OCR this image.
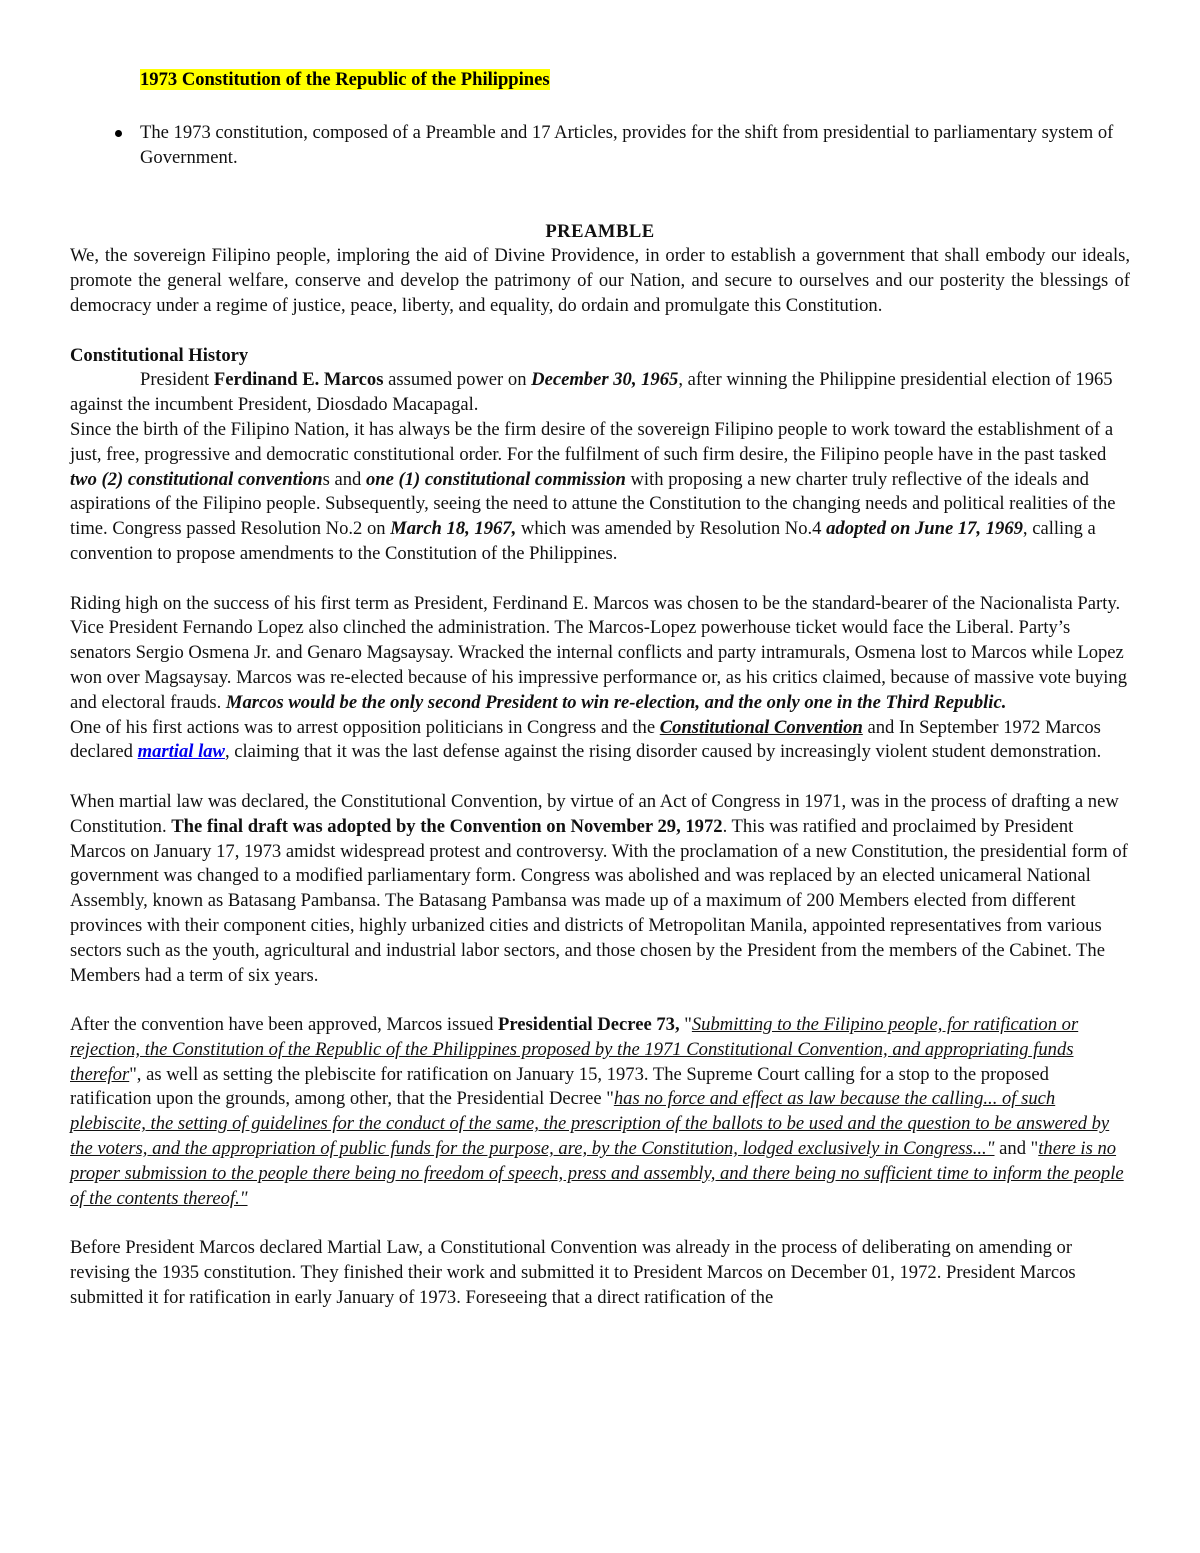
1973 Constitution of the Republic of the Philippines
The 1973 constitution, composed of a Preamble and 17 Articles, provides for the shift from presidential to parliamentary system of Government.
PREAMBLE

We, the sovereign Filipino people, imploring the aid of Divine Providence, in order to establish a government that shall embody our ideals, promote the general welfare, conserve and develop the patrimony of our Nation, and secure to ourselves and our posterity the blessings of democracy under a regime of justice, peace, liberty, and equality, do ordain and promulgate this Constitution.

Constitutional History

President Ferdinand E. Marcos assumed power on December 30, 1965, after winning the Philippine presidential election of 1965 against the incumbent President, Diosdado Macapagal.

Since the birth of the Filipino Nation, it has always be the firm desire of the sovereign Filipino people to work toward the establishment of a just, free, progressive and democratic constitutional order. For the fulfilment of such firm desire, the Filipino people have in the past tasked two (2) constitutional conventions and one (1) constitutional commission with proposing a new charter truly reflective of the ideals and aspirations of the Filipino people. Subsequently, seeing the need to attune the Constitution to the changing needs and political realities of the time. Congress passed Resolution No.2 on March 18, 1967, which was amended by Resolution No.4 adopted on June 17, 1969, calling a convention to propose amendments to the Constitution of the Philippines.

Riding high on the success of his first term as President, Ferdinand E. Marcos was chosen to be the standard-bearer of the Nacionalista Party. Vice President Fernando Lopez also clinched the administration. The Marcos-Lopez powerhouse ticket would face the Liberal. Party’s senators Sergio Osmena Jr. and Genaro Magsaysay. Wracked the internal conflicts and party intramurals, Osmena lost to Marcos while Lopez won over Magsaysay. Marcos was re-elected because of his impressive performance or, as his critics claimed, because of massive vote buying and electoral frauds. Marcos would be the only second President to win re-election, and the only one in the Third Republic.

One of his first actions was to arrest opposition politicians in Congress and the Constitutional Convention and In September 1972 Marcos declared martial law, claiming that it was the last defense against the rising disorder caused by increasingly violent student demonstration.

When martial law was declared, the Constitutional Convention, by virtue of an Act of Congress in 1971, was in the process of drafting a new Constitution. The final draft was adopted by the Convention on November 29, 1972. This was ratified and proclaimed by President Marcos on January 17, 1973 amidst widespread protest and controversy. With the proclamation of a new Constitution, the presidential form of government was changed to a modified parliamentary form. Congress was abolished and was replaced by an elected unicameral National Assembly, known as Batasang Pambansa. The Batasang Pambansa was made up of a maximum of 200 Members elected from different provinces with their component cities, highly urbanized cities and districts of Metropolitan Manila, appointed representatives from various sectors such as the youth, agricultural and industrial labor sectors, and those chosen by the President from the members of the Cabinet. The Members had a term of six years.

After the convention have been approved, Marcos issued Presidential Decree 73, "Submitting to the Filipino people, for ratification or rejection, the Constitution of the Republic of the Philippines proposed by the 1971 Constitutional Convention, and appropriating funds therefor", as well as setting the plebiscite for ratification on January 15, 1973. The Supreme Court calling for a stop to the proposed ratification upon the grounds, among other, that the Presidential Decree "has no force and effect as law because the calling... of such plebiscite, the setting of guidelines for the conduct of the same, the prescription of the ballots to be used and the question to be answered by the voters, and the appropriation of public funds for the purpose, are, by the Constitution, lodged exclusively in Congress..." and "there is no proper submission to the people there being no freedom of speech, press and assembly, and there being no sufficient time to inform the people of the contents thereof."

Before President Marcos declared Martial Law, a Constitutional Convention was already in the process of deliberating on amending or revising the 1935 constitution. They finished their work and submitted it to President Marcos on December 01, 1972. President Marcos submitted it for ratification in early January of 1973. Foreseeing that a direct ratification of the
